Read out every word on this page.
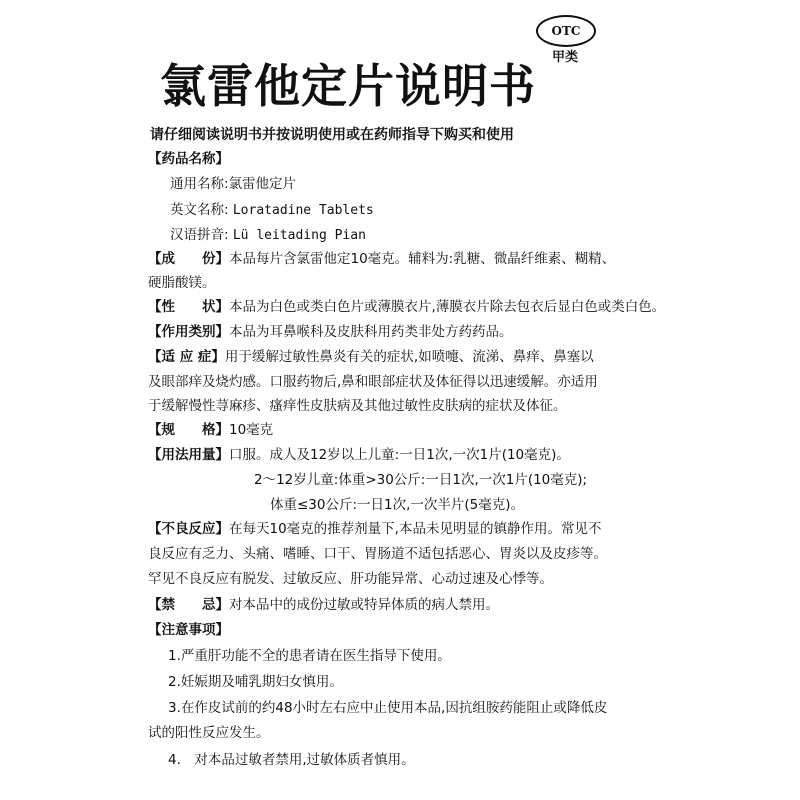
OTC
甲类
氯雷他定片说明书
请仔细阅读说明书并按说明使用或在药师指导下购买和使用
【药品名称】
通用名称:氯雷他定片
英文名称: Loratadine Tablets
汉语拼音: Lü leitading Pian
【成　　份】本品每片含氯雷他定10毫克。辅料为:乳糖、微晶纤维素、糊精、
硬脂酸镁。
【性　　状】本品为白色或类白色片或薄膜衣片,薄膜衣片除去包衣后显白色或类白色。
【作用类别】本品为耳鼻喉科及皮肤科用药类非处方药药品。
【适 应 症】用于缓解过敏性鼻炎有关的症状,如喷嚏、流涕、鼻痒、鼻塞以
及眼部痒及烧灼感。口服药物后,鼻和眼部症状及体征得以迅速缓解。亦适用
于缓解慢性荨麻疹、瘙痒性皮肤病及其他过敏性皮肤病的症状及体征。
【规　　格】10毫克
【用法用量】口服。成人及12岁以上儿童:一日1次,一次1片(10毫克)。
2～12岁儿童:体重>30公斤:一日1次,一次1片(10毫克);
体重≤30公斤:一日1次,一次半片(5毫克)。
【不良反应】在每天10毫克的推荐剂量下,本品未见明显的镇静作用。常见不
良反应有乏力、头痛、嗜睡、口干、胃肠道不适包括恶心、胃炎以及皮疹等。
罕见不良反应有脱发、过敏反应、肝功能异常、心动过速及心悸等。
【禁　　忌】对本品中的成份过敏或特异体质的病人禁用。
【注意事项】
1.严重肝功能不全的患者请在医生指导下使用。
2.妊娠期及哺乳期妇女慎用。
3.在作皮试前的约48小时左右应中止使用本品,因抗组胺药能阻止或降低皮
试的阳性反应发生。
4.　对本品过敏者禁用,过敏体质者慎用。
